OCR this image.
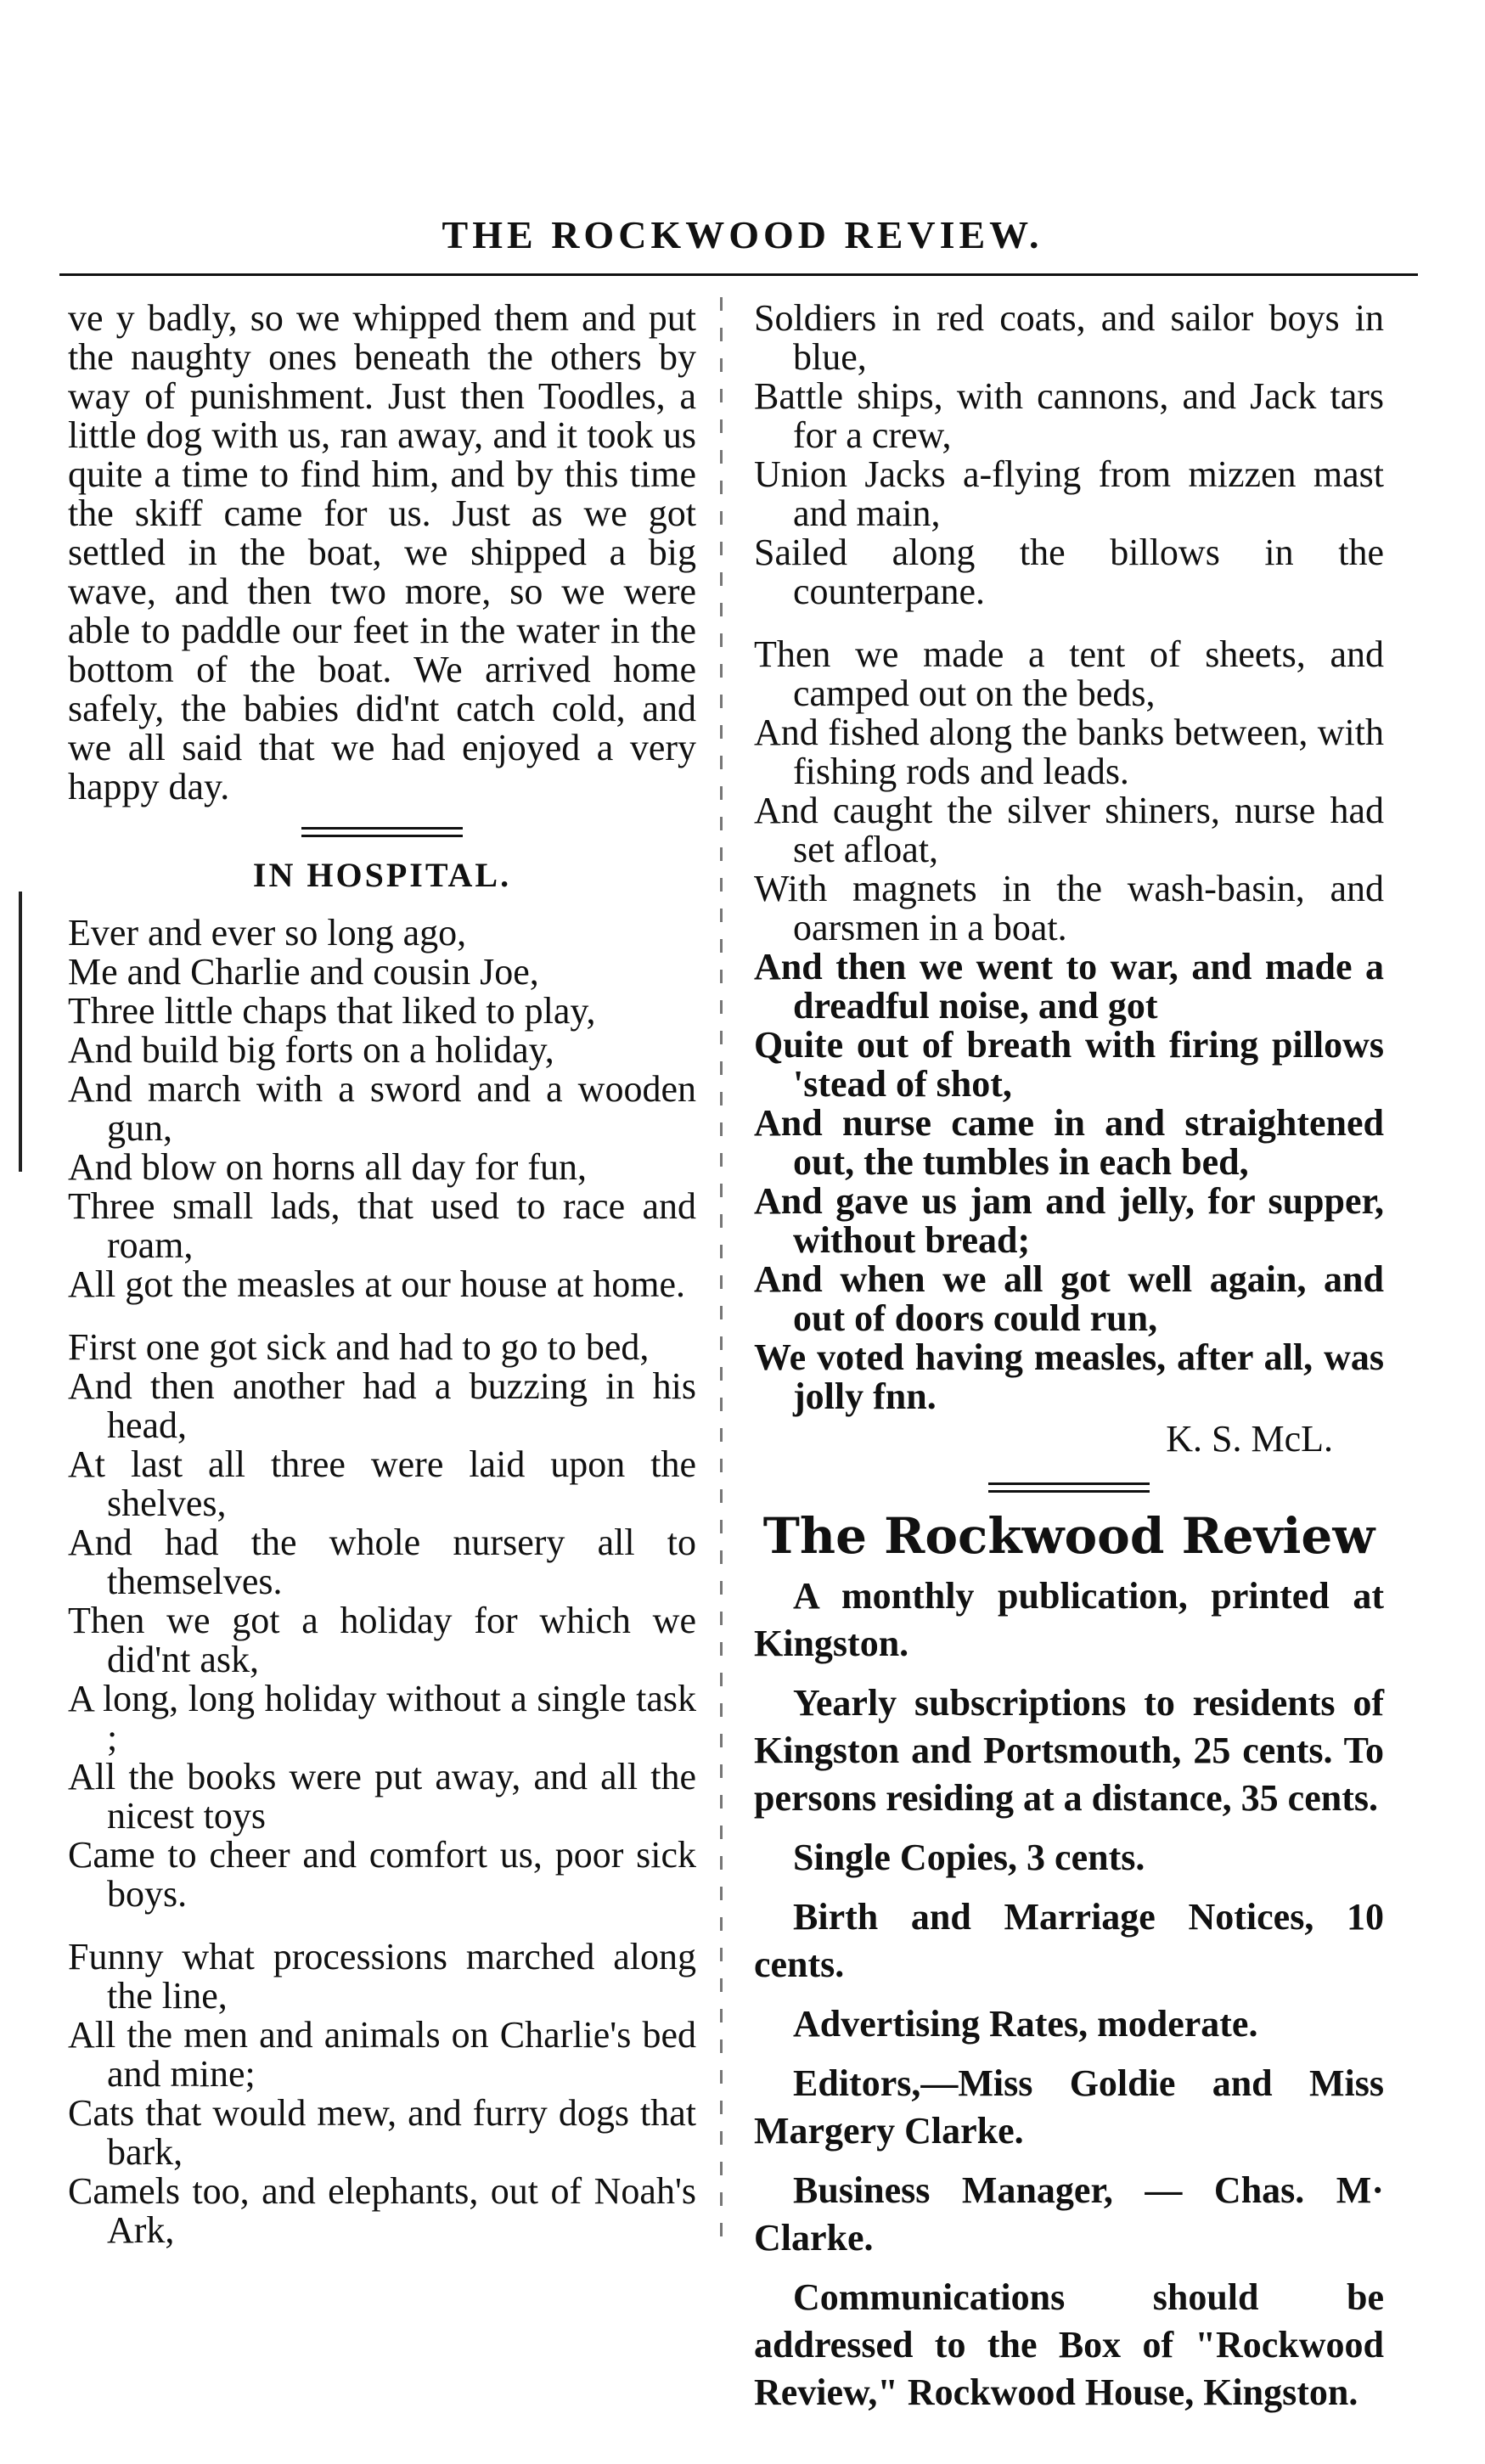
THE ROCKWOOD REVIEW.

ve y badly, so we whipped them and put the naughty ones beneath the others by way of punishment. Just then Toodles, a little dog with us, ran away, and it took us quite a time to find him, and by this time the skiff came for us. Just as we got settled in the boat, we shipped a big wave, and then two more, so we were able to paddle our feet in the water in the bottom of the boat. We arrived home safely, the babies did'nt catch cold, and we all said that we had enjoyed a very happy day.

IN HOSPITAL.
Ever and ever so long ago,
Me and Charlie and cousin Joe,
Three little chaps that liked to play,
And build big forts on a holiday,
And march with a sword and a wooden gun,
And blow on horns all day for fun,
Three small lads, that used to race and roam,
All got the measles at our house at home.
First one got sick and had to go to bed,
And then another had a buzzing in his head,
At last all three were laid upon the shelves,
And had the whole nursery all to themselves.
Then we got a holiday for which we did'nt ask,
A long, long holiday without a single task ;
All the books were put away, and all the nicest toys
Came to cheer and comfort us, poor sick boys.
Funny what processions marched along the line,
All the men and animals on Charlie's bed and mine;
Cats that would mew, and furry dogs that bark,
Camels too, and elephants, out of Noah's Ark,
Soldiers in red coats, and sailor boys in blue,
Battle ships, with cannons, and Jack tars for a crew,
Union Jacks a-flying from mizzen mast and main,
Sailed along the billows in the counterpane.
Then we made a tent of sheets, and camped out on the beds,
And fished along the banks between, with fishing rods and leads.
And caught the silver shiners, nurse had set afloat,
With magnets in the wash-basin, and oarsmen in a boat.
And then we went to war, and made a dreadful noise, and got
Quite out of breath with firing pillows 'stead of shot,
And nurse came in and straightened out, the tumbles in each bed,
And gave us jam and jelly, for supper, without bread;
And when we all got well again, and out of doors could run,
We voted having measles, after all, was jolly fnn.
K. S. McL.
The Rockwood Review

A monthly publication, printed at Kingston.

Yearly subscriptions to residents of Kingston and Portsmouth, 25 cents. To persons residing at a distance, 35 cents.

Single Copies, 3 cents.

Birth and Marriage Notices, 10 cents.

Advertising Rates, moderate.

Editors,—Miss Goldie and Miss Margery Clarke.

Business Manager, — Chas. M· Clarke.

Communications should be addressed to the Box of "Rockwood Review," Rockwood House, Kingston.
